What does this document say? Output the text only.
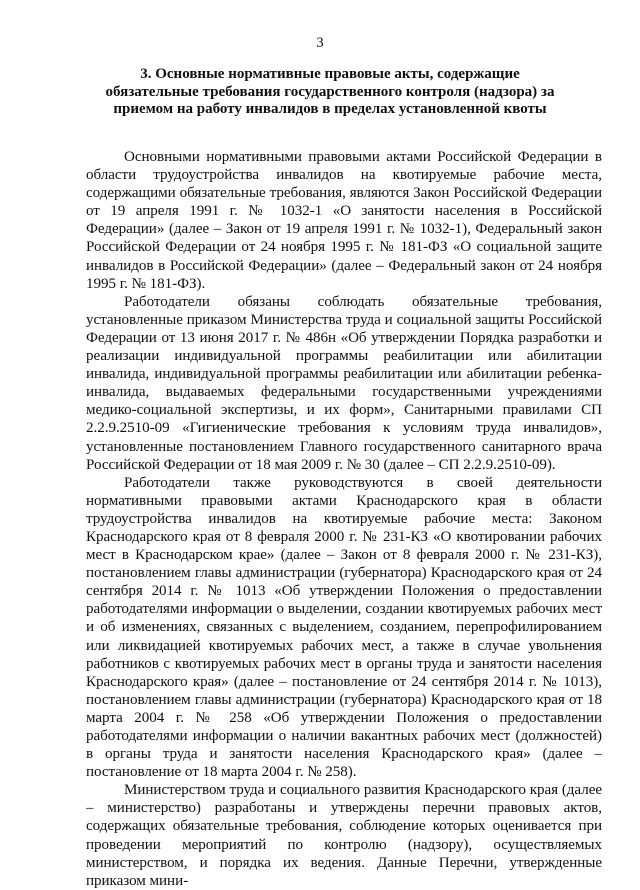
3
3. Основные нормативные правовые акты, содержащие обязательные требования государственного контроля (надзора) за приемом на работу инвалидов в пределах установленной квоты

Основными нормативными правовыми актами Российской Федерации в области трудоустройства инвалидов на квотируемые рабочие места, содержащими обязательные требования, являются Закон Российской Федерации от 19 апреля 1991 г. № 1032-1 «О занятости населения в Российской Федерации» (далее – Закон от 19 апреля 1991 г. № 1032-1), Федеральный закон Российской Федерации от 24 ноября 1995 г. № 181-ФЗ «О социальной защите инвалидов в Российской Федерации» (далее – Федеральный закон от 24 ноября 1995 г. № 181-ФЗ).

Работодатели обязаны соблюдать обязательные требования, установленные приказом Министерства труда и социальной защиты Российской Федерации от 13 июня 2017 г. № 486н «Об утверждении Порядка разработки и реализации индивидуальной программы реабилитации или абилитации инвалида, индивидуальной программы реабилитации или абилитации ребенка-инвалида, выдаваемых федеральными государственными учреждениями медико-социальной экспертизы, и их форм», Санитарными правилами СП 2.2.9.2510-09 «Гигиенические требования к условиям труда инвалидов», установленные постановлением Главного государственного санитарного врача Российской Федерации от 18 мая 2009 г. № 30 (далее – СП 2.2.9.2510-09).

Работодатели также руководствуются в своей деятельности нормативными правовыми актами Краснодарского края в области трудоустройства инвалидов на квотируемые рабочие места: Законом Краснодарского края от 8 февраля 2000 г. № 231-КЗ «О квотировании рабочих мест в Краснодарском крае» (далее – Закон от 8 февраля 2000 г. № 231-КЗ), постановлением главы администрации (губернатора) Краснодарского края от 24 сентября 2014 г. № 1013 «Об утверждении Положения о предоставлении работодателями информации о выделении, создании квотируемых рабочих мест и об изменениях, связанных с выделением, созданием, перепрофилированием или ликвидацией квотируемых рабочих мест, а также в случае увольнения работников с квотируемых рабочих мест в органы труда и занятости населения Краснодарского края» (далее – постановление от 24 сентября 2014 г. № 1013), постановлением главы администрации (губернатора) Краснодарского края от 18 марта 2004 г. № 258 «Об утверждении Положения о предоставлении работодателями информации о наличии вакантных рабочих мест (должностей) в органы труда и занятости населения Краснодарского края» (далее – постановление от 18 марта 2004 г. № 258).

Министерством труда и социального развития Краснодарского края (далее – министерство) разработаны и утверждены перечни правовых актов, содержащих обязательные требования, соблюдение которых оценивается при проведении мероприятий по контролю (надзору), осуществляемых министерством, и порядка их ведения. Данные Перечни, утвержденные приказом мини-
